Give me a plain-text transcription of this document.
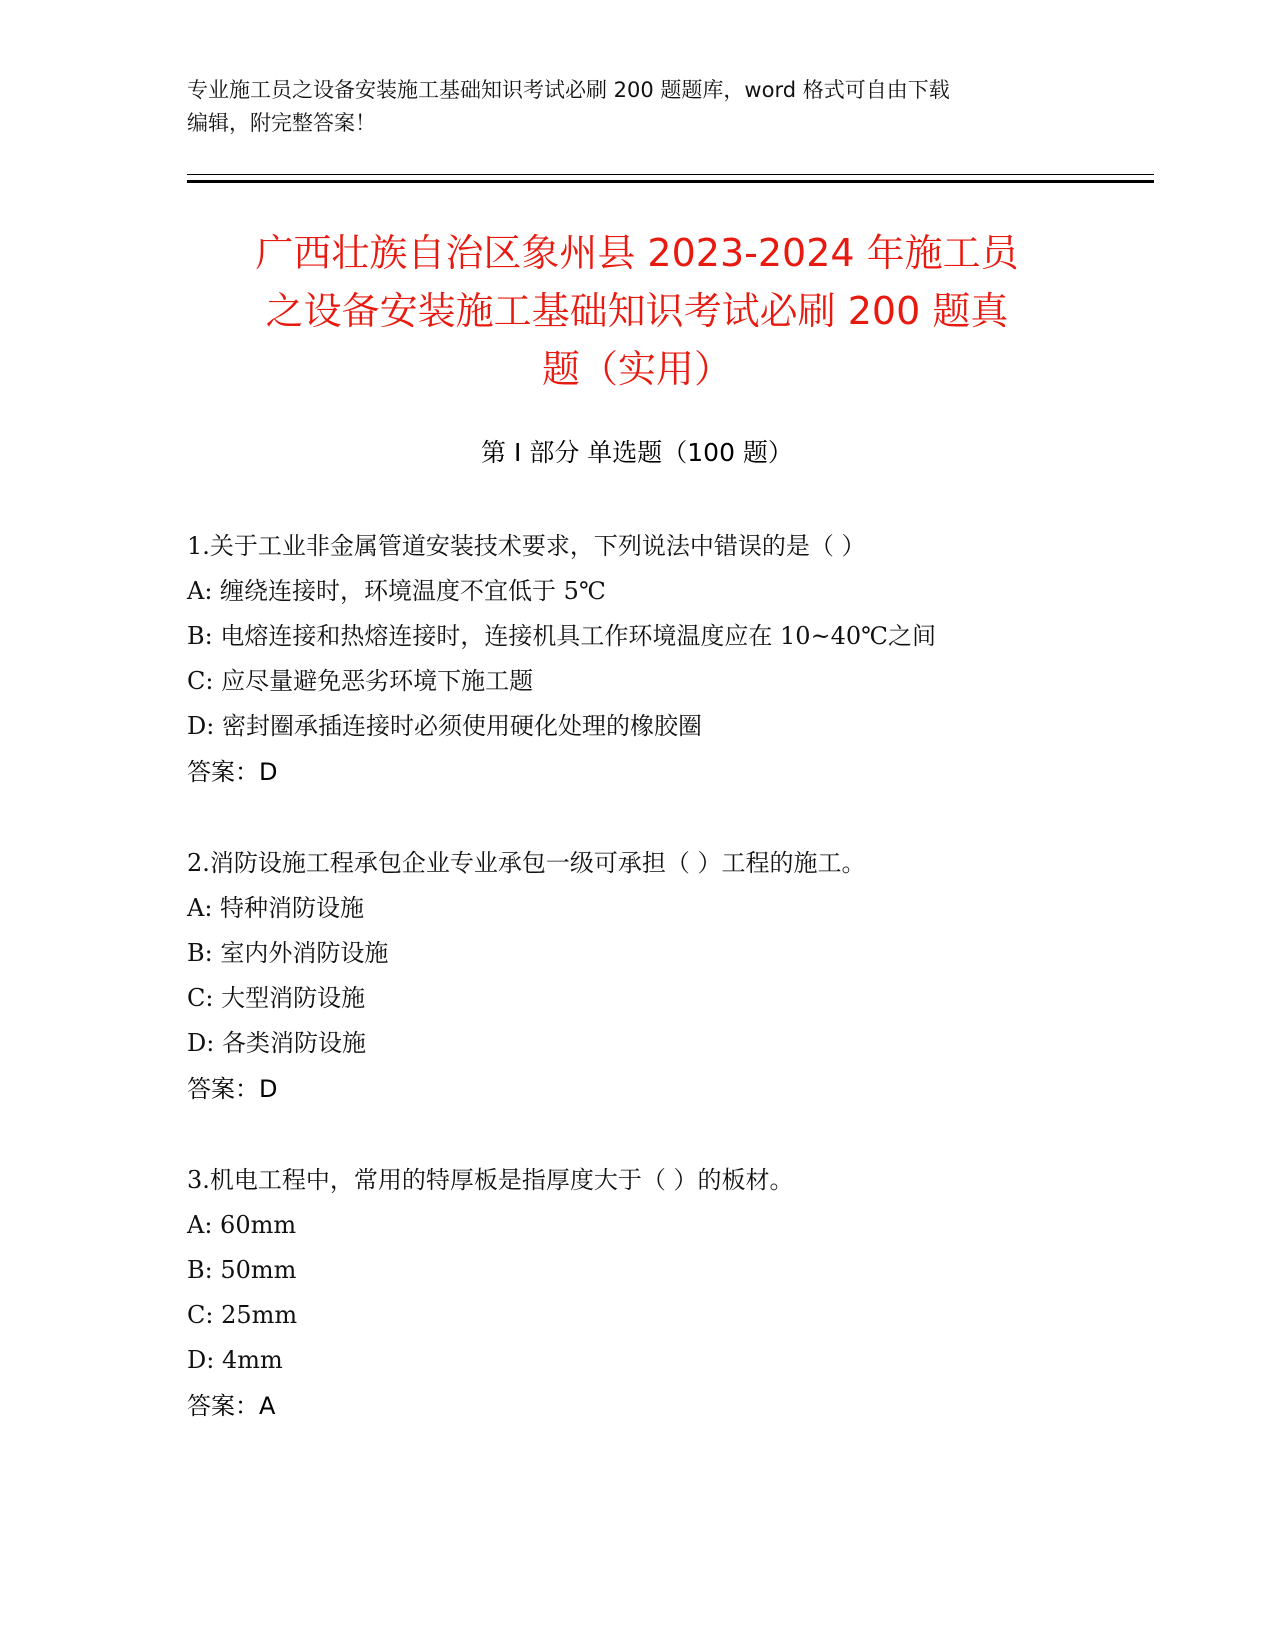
专业施工员之设备安装施工基础知识考试必刷 200 题题库，word 格式可自由下载
编辑，附完整答案！
广西壮族自治区象州县 2023-2024 年施工员
之设备安装施工基础知识考试必刷 200 题真
题（实用）
第 I 部分 单选题（100 题）
1.关于工业非金属管道安装技术要求，下列说法中错误的是（ ）
A: 缠绕连接时，环境温度不宜低于 5℃
B: 电熔连接和热熔连接时，连接机具工作环境温度应在 10~40℃之间
C: 应尽量避免恶劣环境下施工题
D: 密封圈承插连接时必须使用硬化处理的橡胶圈
答案：D
2.消防设施工程承包企业专业承包一级可承担（ ）工程的施工。
A: 特种消防设施
B: 室内外消防设施
C: 大型消防设施
D: 各类消防设施
答案：D
3.机电工程中，常用的特厚板是指厚度大于（ ）的板材。
A: 60mm
B: 50mm
C: 25mm
D: 4mm
答案：A
